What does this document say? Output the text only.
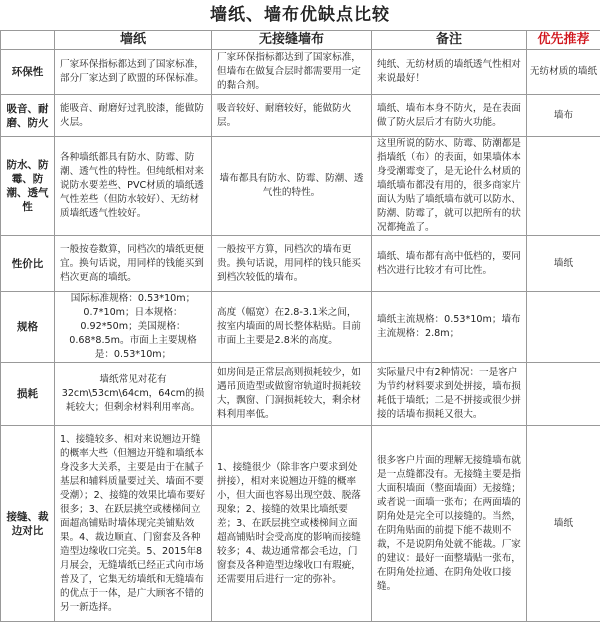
墙纸、墙布优缺点比较
	墙纸	无接缝墙布	备注	优先推荐
环保性	厂家环保指标都达到了国家标准，部分厂家达到了欧盟的环保标准。	厂家环保指标都达到了国家标准，但墙布在做复合层时都需要用一定的黏合剂。	纯纸、无纺材质的墙纸透气性相对来说最好！	无纺材质的墙纸
吸音、耐磨、防火	能吸音、耐磨好过乳胶漆，能做防火层。	吸音较好、耐磨较好，能做防火层。	墙纸、墙布本身不防火，是在表面做了防火层后才有防火功能。	墙布
防水、防霉、防潮、透气性	各种墙纸都具有防水、防霉、防潮、透气性的特性。但纯纸相对来说防水要差些、PVC材质的墙纸透气性差些（但防水较好）、无纺材质墙纸透气性较好。	墙布都具有防水、防霉、防潮、透气性的特性。	这里所说的防水、防霉、防潮都是指墙纸（布）的表面，如果墙体本身受潮霉变了，是无论什么材质的墙纸墙布都没有用的，很多商家片面认为贴了墙纸墙布就可以防水、防潮、防霉了，就可以把所有的状况都掩盖了。	
性价比	一般按卷数算，同档次的墙纸更便宜。换句话说，用同样的钱能买到档次更高的墙纸。	一般按平方算，同档次的墙布更贵。换句话说，用同样的钱只能买到档次较低的墙布。	墙纸、墙布都有高中低档的，要同档次进行比较才有可比性。	墙纸
规格	国际标准规格：0.53*10m；0.7*10m；日本规格：0.92*50m；美国规格：0.68*8.5m。市面上主要规格是：0.53*10m；	高度（幅宽）在2.8-3.1米之间，按室内墙面的周长整体粘贴。目前市面上主要是2.8米的高度。	墙纸主流规格：0.53*10m；墙布主流规格：2.8m；	
损耗	墙纸常见对花有32cm\53cm\64cm，64cm的损耗较大；但剩余材料利用率高。	如房间是正常层高则损耗较少，如遇吊顶造型或做窗帘轨道时损耗较大，飘窗、门洞损耗较大，剩余材料利用率低。	实际量尺中有2种情况：一是客户为节约材料要求到处拼接，墙布损耗低于墙纸；二是不拼接或很少拼接的话墙布损耗又很大。	
接缝、裁边对比	1、接缝较多、相对来说翘边开缝的概率大些（但翘边开缝和墙纸本身没多大关系，主要是由于在腻子基层和辅料质量要过关、墙面不要受潮）；2、接缝的效果比墙布要好很多；3、在跃层挑空或楼梯间立面超高铺贴时墙体现完美铺贴效果。4、裁边顺直、门窗套及各种造型边缘收口完美。5、2015年8月展会，无缝墙纸已经正式向市场普及了，它集无纺墙纸和无缝墙布的优点于一体，是广大顾客不错的另一新选择。	1、接缝很少（除非客户要求到处拼接），相对来说翘边开缝的概率小，但大面也容易出现空鼓、脱落现象；2、接缝的效果比墙纸要差；3、在跃层挑空或楼梯间立面超高铺贴时会受高度的影响而接缝较多；4、裁边通常都会毛边，门窗套及各种造型边缘收口有瑕疵，还需要用后进行一定的弥补。	很多客户片面的理解无接缝墙布就是一点缝都没有。无接缝主要是指大面积墙面（整面墙面）无接缝；或者说一面墙一张布；在两面墙的阴角处是完全可以接缝的。当然，在阴角贴面的前提下能不裁则不裁，不是说阴角处就不能裁。厂家的建议：最好一面整墙贴一张布，在阴角处拉通、在阴角处收口接缝。	墙纸
